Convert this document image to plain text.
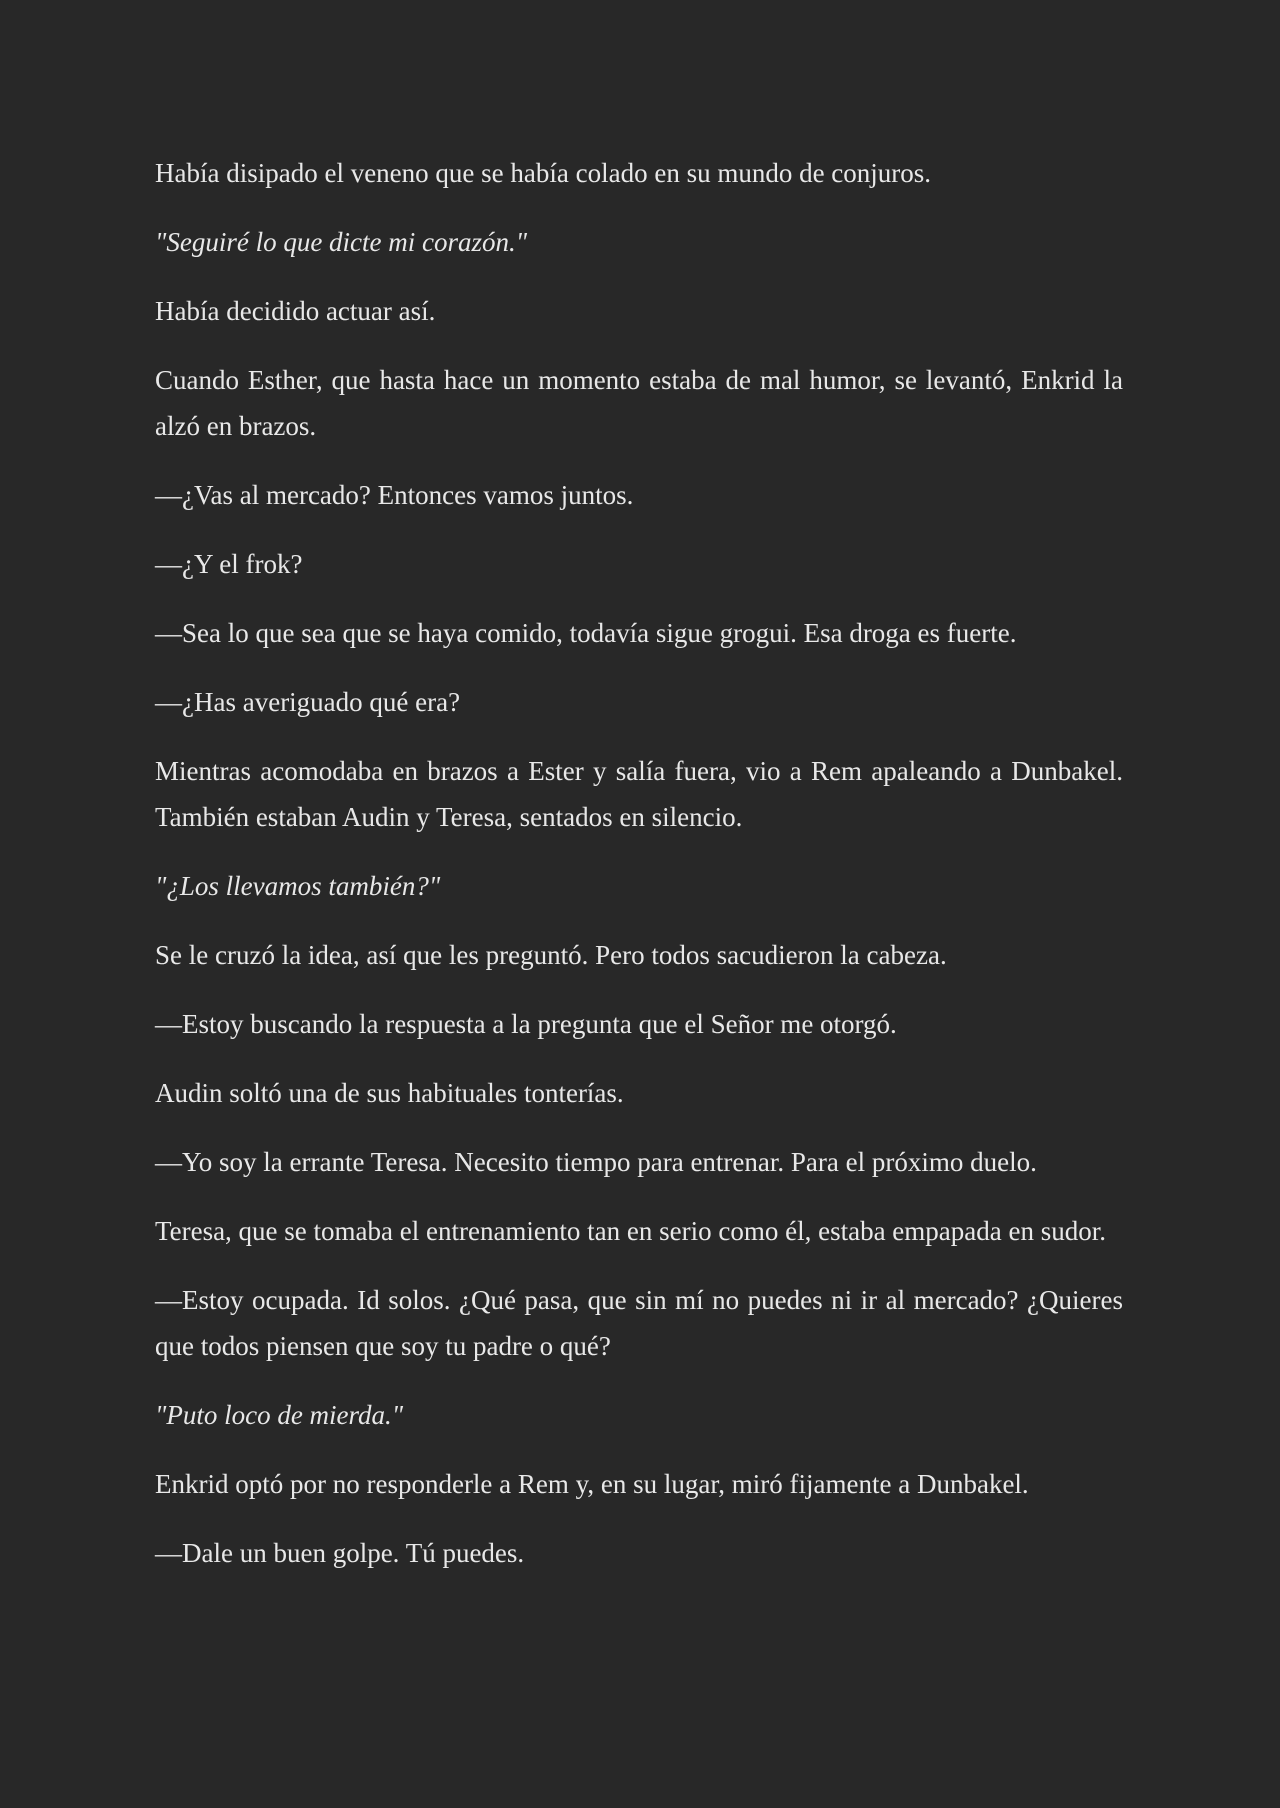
Había disipado el veneno que se había colado en su mundo de conjuros.

"Seguiré lo que dicte mi corazón."

Había decidido actuar así.

Cuando Esther, que hasta hace un momento estaba de mal humor, se levantó, Enkrid la alzó en brazos.

—¿Vas al mercado? Entonces vamos juntos.

—¿Y el frok?

—Sea lo que sea que se haya comido, todavía sigue grogui. Esa droga es fuerte.

—¿Has averiguado qué era?

Mientras acomodaba en brazos a Ester y salía fuera, vio a Rem apaleando a Dunbakel. También estaban Audin y Teresa, sentados en silencio.

"¿Los llevamos también?"

Se le cruzó la idea, así que les preguntó. Pero todos sacudieron la cabeza.

—Estoy buscando la respuesta a la pregunta que el Señor me otorgó.

Audin soltó una de sus habituales tonterías.

—Yo soy la errante Teresa. Necesito tiempo para entrenar. Para el próximo duelo.

Teresa, que se tomaba el entrenamiento tan en serio como él, estaba empapada en sudor.

—Estoy ocupada. Id solos. ¿Qué pasa, que sin mí no puedes ni ir al mercado? ¿Quieres que todos piensen que soy tu padre o qué?

"Puto loco de mierda."

Enkrid optó por no responderle a Rem y, en su lugar, miró fijamente a Dunbakel.

—Dale un buen golpe. Tú puedes.
